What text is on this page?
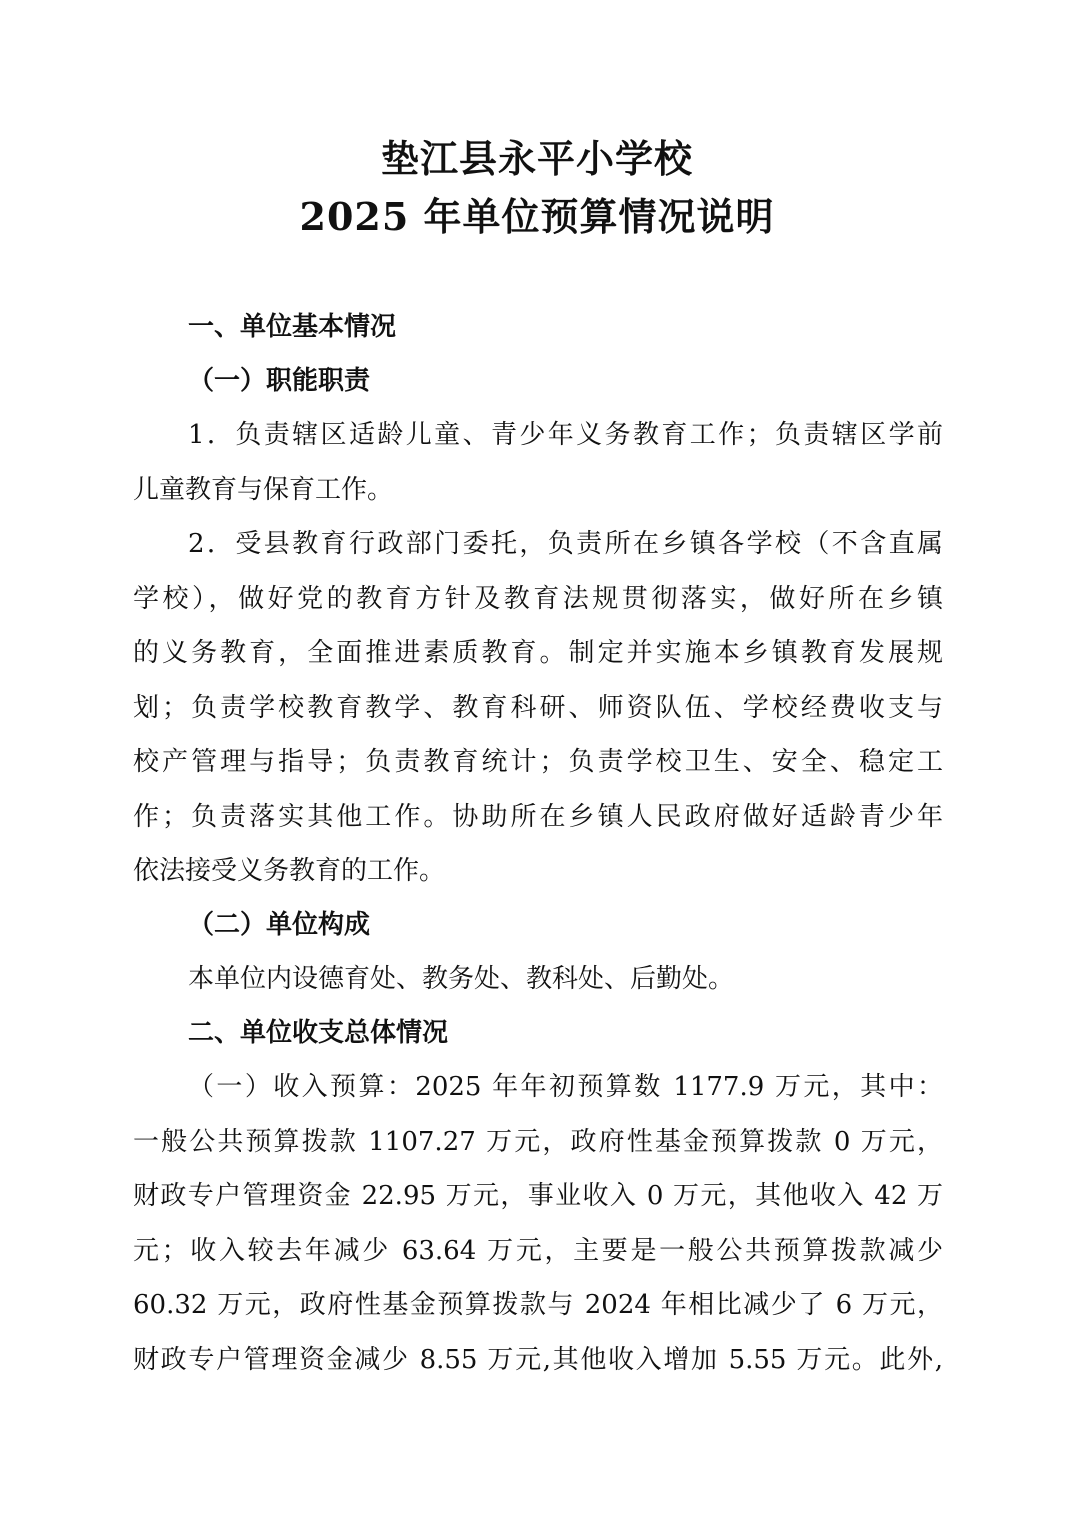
垫江县永平小学校
2025 年单位预算情况说明
一、单位基本情况
（一）职能职责
1．负责辖区适龄儿童、青少年义务教育工作；负责辖区学前
儿童教育与保育工作。
2．受县教育行政部门委托，负责所在乡镇各学校（不含直属
学校），做好党的教育方针及教育法规贯彻落实，做好所在乡镇
的义务教育，全面推进素质教育。制定并实施本乡镇教育发展规
划；负责学校教育教学、教育科研、师资队伍、学校经费收支与
校产管理与指导；负责教育统计；负责学校卫生、安全、稳定工
作；负责落实其他工作。协助所在乡镇人民政府做好适龄青少年
依法接受义务教育的工作。
（二）单位构成
本单位内设德育处、教务处、教科处、后勤处。
二、单位收支总体情况
（一）收入预算：2025 年年初预算数 1177.9 万元，其中：
一般公共预算拨款 1107.27 万元，政府性基金预算拨款 0 万元，
财政专户管理资金 22.95 万元，事业收入 0 万元，其他收入 42 万
元；收入较去年减少 63.64 万元，主要是一般公共预算拨款减少
60.32 万元，政府性基金预算拨款与 2024 年相比减少了 6 万元，
财政专户管理资金减少 8.55 万元,其他收入增加 5.55 万元。此外,
